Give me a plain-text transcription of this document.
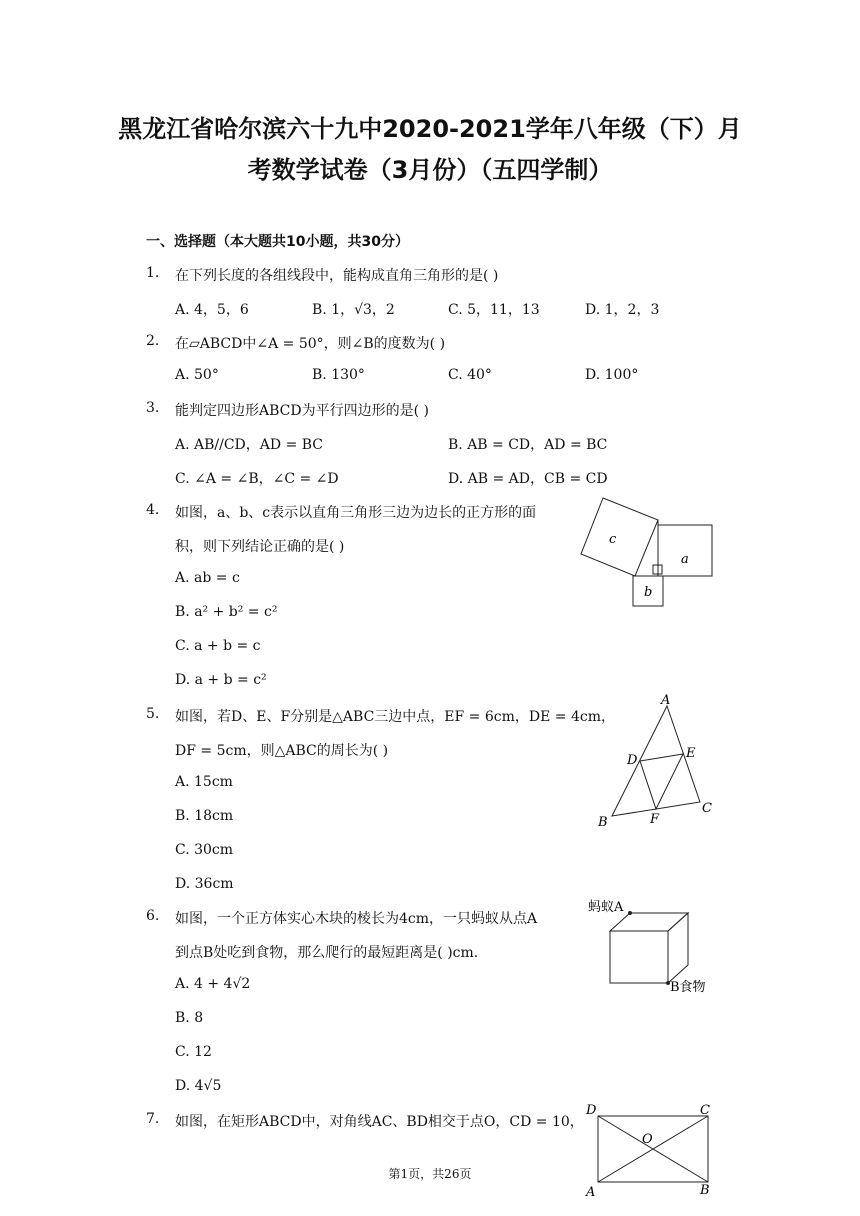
黑龙江省哈尔滨六十九中2020-2021学年八年级（下）月
考数学试卷（3月份）（五四学制）
一、选择题（本大题共10小题，共30分）
1. 在下列长度的各组线段中，能构成直角三角形的是( )
A. 4，5，6	B. 1，√3，2	C. 5，11，13	D. 1，2，3
2. 在▱ABCD中∠A = 50°，则∠B的度数为( )
A. 50°	B. 130°	C. 40°	D. 100°
3. 能判定四边形ABCD为平行四边形的是( )
A. AB//CD，AD = BC	B. AB = CD，AD = BC
C. ∠A = ∠B，∠C = ∠D	D. AB = AD，CB = CD
4. 如图，a、b、c表示以直角三角形三边为边长的正方形的面
积，则下列结论正确的是( )
A. ab = c
B. a² + b² = c²
C. a + b = c
D. a + b = c²
c
a
b
5. 如图，若D、E、F分别是△ABC三边中点，EF = 6cm，DE = 4cm，
DF = 5cm，则△ABC的周长为( )
A. 15cm
B. 18cm
C. 30cm
D. 36cm
A
D	E
B	F
C
6. 如图，一个正方体实心木块的棱长为4cm，一只蚂蚁从点A
到点B处吃到食物，那么爬行的最短距离是( )cm.
A. 4 + 4√2
B. 8
C. 12
D. 4√5
蚂蚁A
B食物
7. 如图，在矩形ABCD中，对角线AC、BD相交于点O，CD = 10，
D	C
O
A	B
第1页，共26页
